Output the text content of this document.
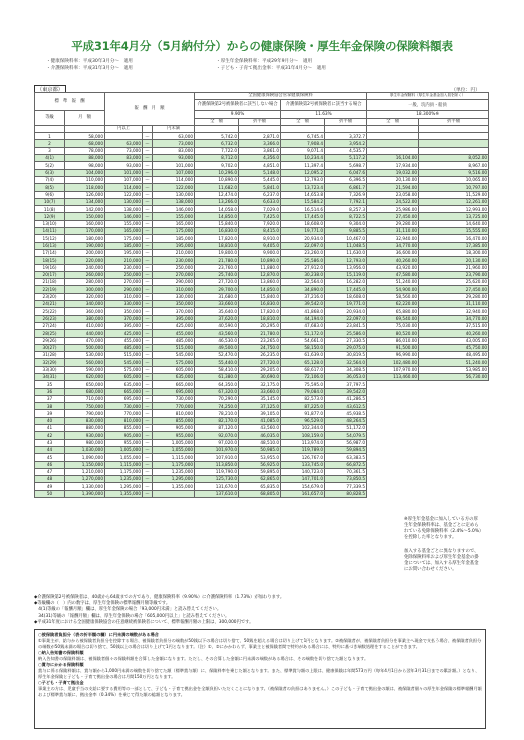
平成31年4月分（5月納付分）からの健康保険・厚生年金保険の保険料額表
・健康保険料率：平成30年3月分～　適用	・厚生年金保険料率：平成29年9月分～　適用
・介護保険料率：平成31年3月分～　適用	・子ども・子育て拠出金率：平成31年4月分～　適用
（東京都）	（単位：円）
標　準　報　酬		報　酬　月　額			全国健康保険協会管掌健康保険料				厚生年金保険料（厚生年金基金加入員を除く）	
					介護保険第2号被保険者に該当しない場合		介護保険第2号被保険者に該当する場合		一般、坑内員・船員	
等級	月　額				9.90%		11.63%		18.300%※	
					全　額	折半額	全　額	折半額	全　額	折半額
		円以上		円未満						
1	58,000		～	63,000	5,742.0	2,871.0	6,745.4	3,372.7		
2	68,000	63,000	～	73,000	6,732.0	3,366.0	7,908.4	3,954.2		
3	78,000	73,000	～	83,000	7,722.0	3,861.0	9,071.4	4,535.7		
4(1)	88,000	83,000	～	93,000	8,712.0	4,356.0	10,234.4	5,117.2	16,104.00	8,052.00
5(2)	98,000	93,000	～	101,000	9,702.0	4,851.0	11,397.4	5,698.7	17,934.00	8,967.00
6(3)	104,000	101,000	～	107,000	10,296.0	5,148.0	12,095.2	6,047.6	19,032.00	9,516.00
7(4)	110,000	107,000	～	114,000	10,890.0	5,445.0	12,793.0	6,396.5	20,130.00	10,065.00
8(5)	118,000	114,000	～	122,000	11,682.0	5,841.0	13,723.4	6,861.7	21,594.00	10,797.00
9(6)	126,000	122,000	～	130,000	12,474.0	6,237.0	14,653.8	7,326.9	23,058.00	11,529.00
10(7)	134,000	130,000	～	138,000	13,266.0	6,633.0	15,584.2	7,792.1	24,522.00	12,261.00
11(8)	142,000	138,000	～	146,000	14,058.0	7,029.0	16,514.6	8,257.3	25,986.00	12,993.00
12(9)	150,000	146,000	～	155,000	14,850.0	7,425.0	17,445.0	8,722.5	27,450.00	13,725.00
13(10)	160,000	155,000	～	165,000	15,840.0	7,920.0	18,608.0	9,304.0	29,280.00	14,640.00
14(11)	170,000	165,000	～	175,000	16,830.0	8,415.0	19,771.0	9,885.5	31,110.00	15,555.00
15(12)	180,000	175,000	～	185,000	17,820.0	8,910.0	20,934.0	10,467.0	32,940.00	16,470.00
16(13)	190,000	185,000	～	195,000	18,810.0	9,405.0	22,097.0	11,048.5	34,770.00	17,385.00
17(14)	200,000	195,000	～	210,000	19,800.0	9,900.0	23,260.0	11,630.0	36,600.00	18,300.00
18(15)	220,000	210,000	～	230,000	21,780.0	10,890.0	25,586.0	12,793.0	40,260.00	20,130.00
19(16)	240,000	230,000	～	250,000	23,760.0	11,880.0	27,912.0	13,956.0	43,920.00	21,960.00
20(17)	260,000	250,000	～	270,000	25,740.0	12,870.0	30,238.0	15,119.0	47,580.00	23,790.00
21(18)	280,000	270,000	～	290,000	27,720.0	13,860.0	32,564.0	16,282.0	51,240.00	25,620.00
22(19)	300,000	290,000	～	310,000	29,700.0	14,850.0	34,890.0	17,445.0	54,900.00	27,450.00
23(20)	320,000	310,000	～	330,000	31,680.0	15,840.0	37,216.0	18,608.0	58,560.00	29,280.00
24(21)	340,000	330,000	～	350,000	33,660.0	16,830.0	39,542.0	19,771.0	62,220.00	31,110.00
25(22)	360,000	350,000	～	370,000	35,640.0	17,820.0	41,868.0	20,934.0	65,880.00	32,940.00
26(23)	380,000	370,000	～	395,000	37,620.0	18,810.0	44,194.0	22,097.0	69,540.00	34,770.00
27(24)	410,000	395,000	～	425,000	40,590.0	20,295.0	47,683.0	23,841.5	75,030.00	37,515.00
28(25)	440,000	425,000	～	455,000	43,560.0	21,780.0	51,172.0	25,586.0	80,520.00	40,260.00
29(26)	470,000	455,000	～	485,000	46,530.0	23,265.0	54,661.0	27,330.5	86,010.00	43,005.00
30(27)	500,000	485,000	～	515,000	49,500.0	24,750.0	58,150.0	29,075.0	91,500.00	45,750.00
31(28)	530,000	515,000	～	545,000	52,470.0	26,235.0	61,639.0	30,819.5	96,990.00	48,495.00
32(29)	560,000	545,000	～	575,000	55,440.0	27,720.0	65,128.0	32,564.0	102,480.00	51,240.00
33(30)	590,000	575,000	～	605,000	58,410.0	29,205.0	68,617.0	34,308.5	107,970.00	53,985.00
34(31)	620,000	605,000	～	635,000	61,380.0	30,690.0	72,106.0	36,053.0	113,460.00	56,730.00
35	650,000	635,000	～	665,000	64,350.0	32,175.0	75,595.0	37,797.5		
36	680,000	665,000	～	695,000	67,320.0	33,660.0	79,084.0	39,542.0		
37	710,000	695,000	～	730,000	70,290.0	35,145.0	82,573.0	41,286.5		
38	750,000	730,000	～	770,000	74,250.0	37,125.0	87,225.0	43,612.5		
39	790,000	770,000	～	810,000	78,210.0	39,105.0	91,877.0	45,938.5		
40	830,000	810,000	～	855,000	82,170.0	41,085.0	96,529.0	48,264.5		
41	880,000	855,000	～	905,000	87,120.0	43,560.0	102,344.0	51,172.0		
42	930,000	905,000	～	955,000	92,070.0	46,035.0	108,159.0	54,079.5		
43	980,000	955,000	～	1,005,000	97,020.0	48,510.0	113,974.0	56,987.0		
44	1,030,000	1,005,000	～	1,055,000	101,970.0	50,985.0	119,789.0	59,894.5		
45	1,090,000	1,055,000	～	1,115,000	107,910.0	53,955.0	126,767.0	63,383.5		
46	1,150,000	1,115,000	～	1,175,000	113,850.0	56,925.0	133,745.0	66,872.5		
47	1,210,000	1,175,000	～	1,235,000	119,790.0	59,895.0	140,723.0	70,361.5		
48	1,270,000	1,235,000	～	1,295,000	125,730.0	62,865.0	147,701.0	73,850.5		
49	1,330,000	1,295,000	～	1,355,000	131,670.0	65,835.0	154,679.0	77,339.5		
50	1,390,000	1,355,000	～		137,610.0	68,805.0	161,657.0	80,828.5		

※厚生年金基金に加入している方の厚生年金保険料率は、基金ごとに定められている免除保険料率（2.4%～5.0%）を控除した率となります。

加入する基金ごとに異なりますので、免除保険料率および厚生年金基金の掛金については、加入する厚生年金基金にお問い合わせください。

◆介護保険第2号被保険者は、40歳から64歳までの方であり、健康保険料率（9.90%）に介護保険料率（1.73%）が加わります。

◆等級欄の（　）内の数字は、厚生年金保険の標準報酬月額等級です。

　4(1)等級の「報酬月額」欄は、厚生年金保険の場合「93,000円未満」と読み替えてください。

　34(31)等級の「報酬月額」欄は、厚生年金保険の場合「605,000円以上」と読み替えてください。

◆平成31年度における全国健康保険協会の任意継続被保険者について、標準報酬月額の上限は、300,000円です。

○被保険者負担分（表の折半額の欄）に円未満の端数がある場合

①事業主が、給与から被保険者負担分を控除する場合、被保険者負担分の端数が50銭以下の場合は切り捨て、50銭を超える場合は切り上げて1円となります。②被保険者が、被保険者負担分を事業主へ現金で支払う場合、被保険者負担分の端数が50銭未満の場合は切り捨て、50銭以上の場合は切り上げて1円となります。（注）①、②にかかわらず、事業主と被保険者間で特約がある場合には、特約に基づき端数処理をすることができます。

○納入告知書の保険料額

納入告知書の保険料額は、被保険者個々の保険料額を合算した金額になります。ただし、その合算した金額に円未満の端数がある場合は、その端数を切り捨てた額となります。

○賞与にかかる保険料額

賞与に係る保険料額は、賞与額から1,000円未満の端数を切り捨てた額（標準賞与額）に、保険料率を乗じた額となります。また、標準賞与額の上限は、健康保険は年間573万円（毎年4月1日から翌年3月31日までの累計額。）となり、厚生年金保険と子ども・子育て拠出金の場合は月間150万円となります。

○子ども・子育て拠出金

事業主の方は、児童手当の支給に要する費用等の一部として、子ども・子育て拠出金を全額負担いただくことになります。（被保険者の負担はありません。）この子ども・子育て拠出金の額は、被保険者個々の厚生年金保険の標準報酬月額および標準賞与額に、拠出金率（0.34%）を乗じて得た額の総額となります。
